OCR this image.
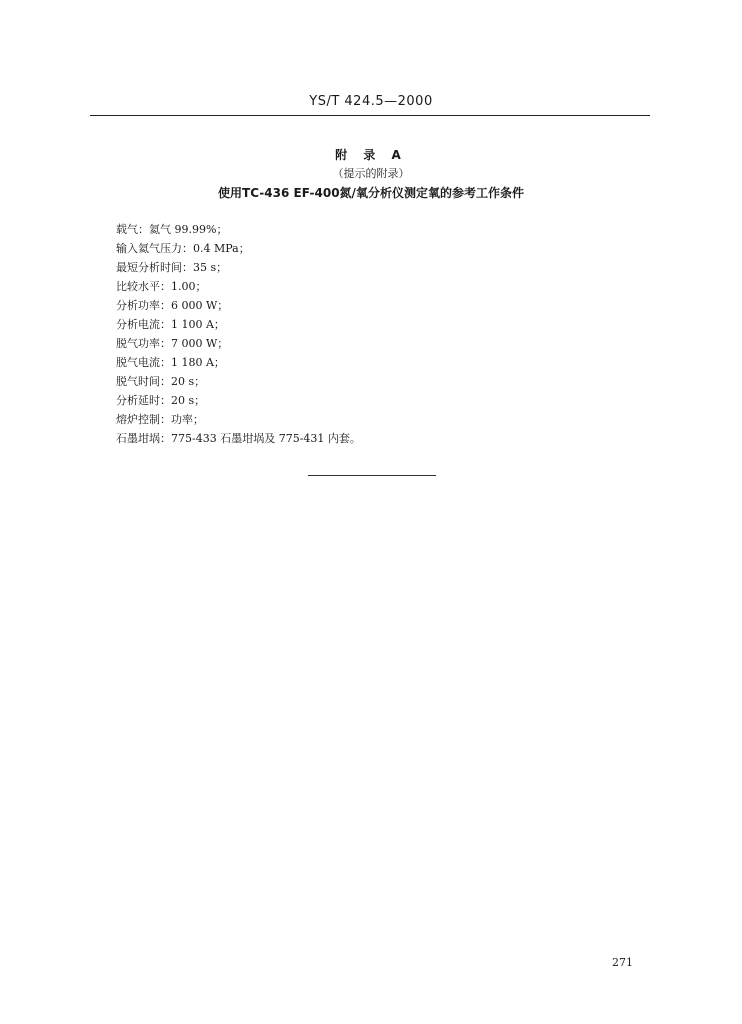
YS/T 424.5—2000
附 录 A
（提示的附录）
使用TC-436 EF-400氮/氧分析仪测定氧的参考工作条件
载气：氦气 99.99%；
输入氦气压力：0.4 MPa；
最短分析时间：35 s；
比较水平：1.00；
分析功率：6 000 W；
分析电流：1 100 A；
脱气功率：7 000 W；
脱气电流：1 180 A；
脱气时间：20 s；
分析延时：20 s；
熔炉控制：功率；
石墨坩埚：775-433 石墨坩埚及 775-431 内套。
271
